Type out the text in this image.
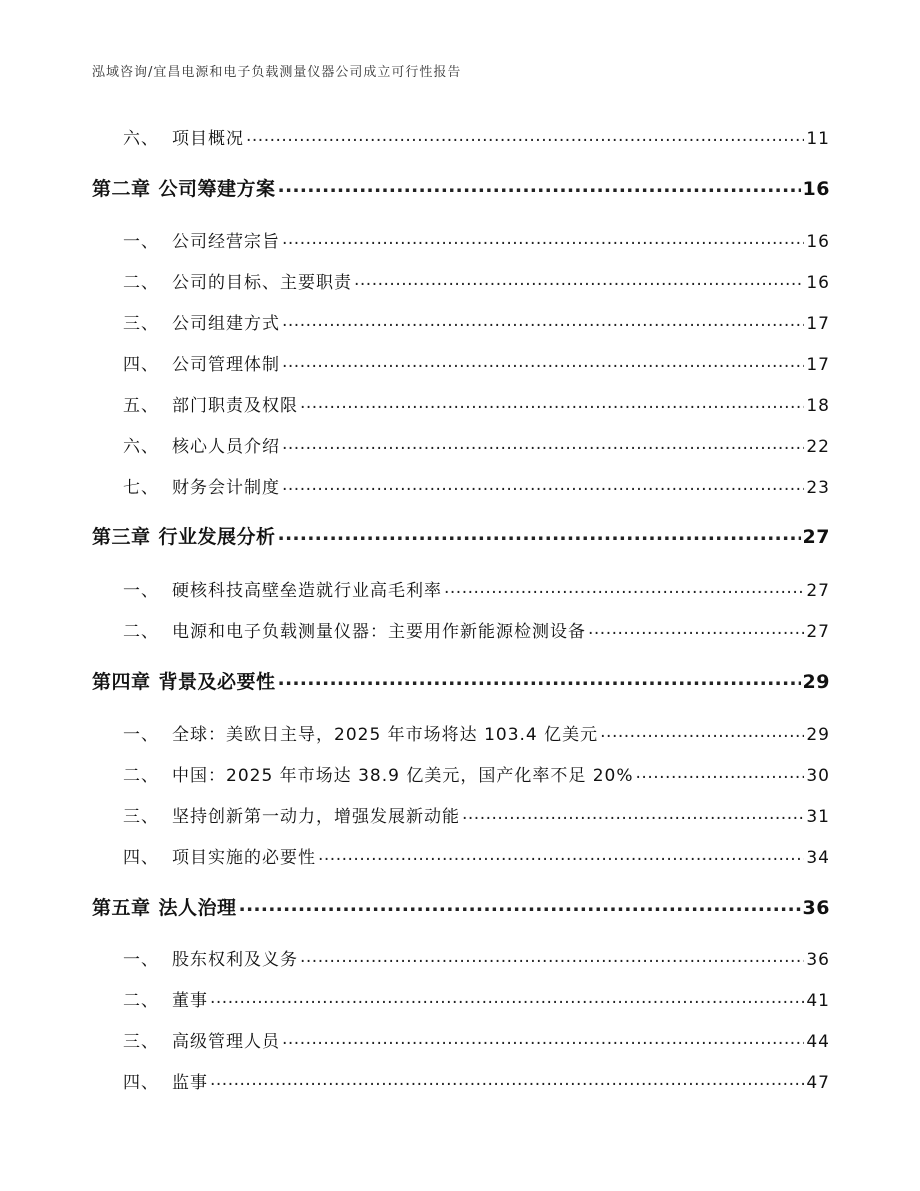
泓域咨询/宜昌电源和电子负载测量仪器公司成立可行性报告
六、 项目概况 .....	11
第二章 公司筹建方案 .....	16
一、 公司经营宗旨 .....	16
二、 公司的目标、主要职责 .....	16
三、 公司组建方式 .....	17
四、 公司管理体制 .....	17
五、 部门职责及权限 .....	18
六、 核心人员介绍 .....	22
七、 财务会计制度 .....	23
第三章 行业发展分析 .....	27
一、 硬核科技高壁垒造就行业高毛利率 .....	27
二、 电源和电子负载测量仪器：主要用作新能源检测设备 .....	27
第四章 背景及必要性 .....	29
一、 全球：美欧日主导，2025 年市场将达 103.4 亿美元 .....	29
二、 中国：2025 年市场达 38.9 亿美元，国产化率不足 20% .....	30
三、 坚持创新第一动力，增强发展新动能 .....	31
四、 项目实施的必要性 .....	34
第五章 法人治理 .....	36
一、 股东权利及义务 .....	36
二、 董事 .....	41
三、 高级管理人员 .....	44
四、 监事 .....	47
